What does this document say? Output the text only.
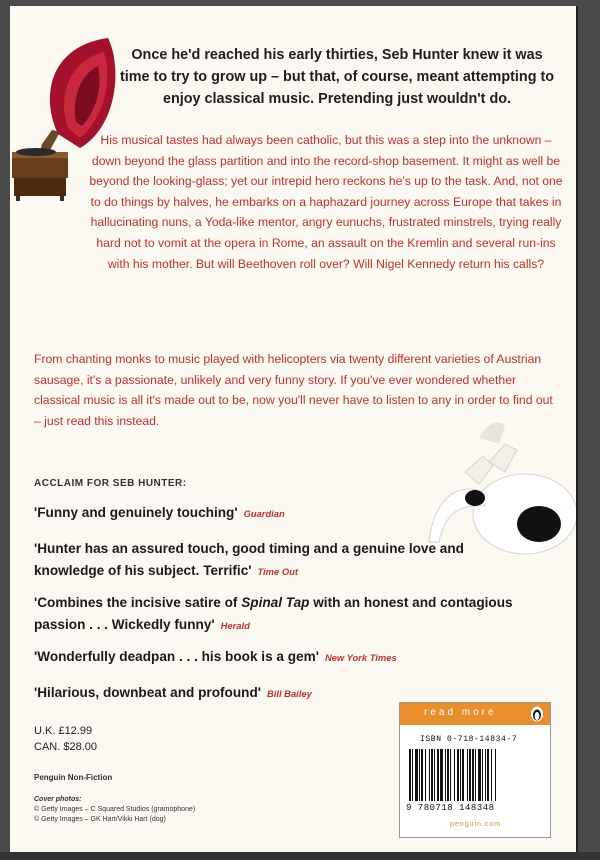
Once he'd reached his early thirties, Seb Hunter knew it was time to try to grow up – but that, of course, meant attempting to enjoy classical music. Pretending just wouldn't do.
His musical tastes had always been catholic, but this was a step into the unknown – down beyond the glass partition and into the record-shop basement. It might as well be beyond the looking-glass; yet our intrepid hero reckons he's up to the task. And, not one to do things by halves, he embarks on a haphazard journey across Europe that takes in hallucinating nuns, a Yoda-like mentor, angry eunuchs, frustrated minstrels, trying really hard not to vomit at the opera in Rome, an assault on the Kremlin and several run-ins with his mother. But will Beethoven roll over? Will Nigel Kennedy return his calls?
From chanting monks to music played with helicopters via twenty different varieties of Austrian sausage, it's a passionate, unlikely and very funny story. If you've ever wondered whether classical music is all it's made out to be, now you'll never have to listen to any in order to find out – just read this instead.
ACCLAIM FOR SEB HUNTER:
'Funny and genuinely touching' Guardian
'Hunter has an assured touch, good timing and a genuine love and knowledge of his subject. Terrific' Time Out
'Combines the incisive satire of Spinal Tap with an honest and contagious passion . . . Wickedly funny' Herald
'Wonderfully deadpan . . . his book is a gem' New York Times
'Hilarious, downbeat and profound' Bill Bailey
U.K. £12.99
CAN. $28.00
Penguin Non-Fiction
Cover photos:
© Getty Images – C Squared Studios (gramophone)
© Getty Images – GK Hart/Vikki Hart (dog)
read more
ISBN 0-718-14834-7
9 780718 148348
penguin.com
